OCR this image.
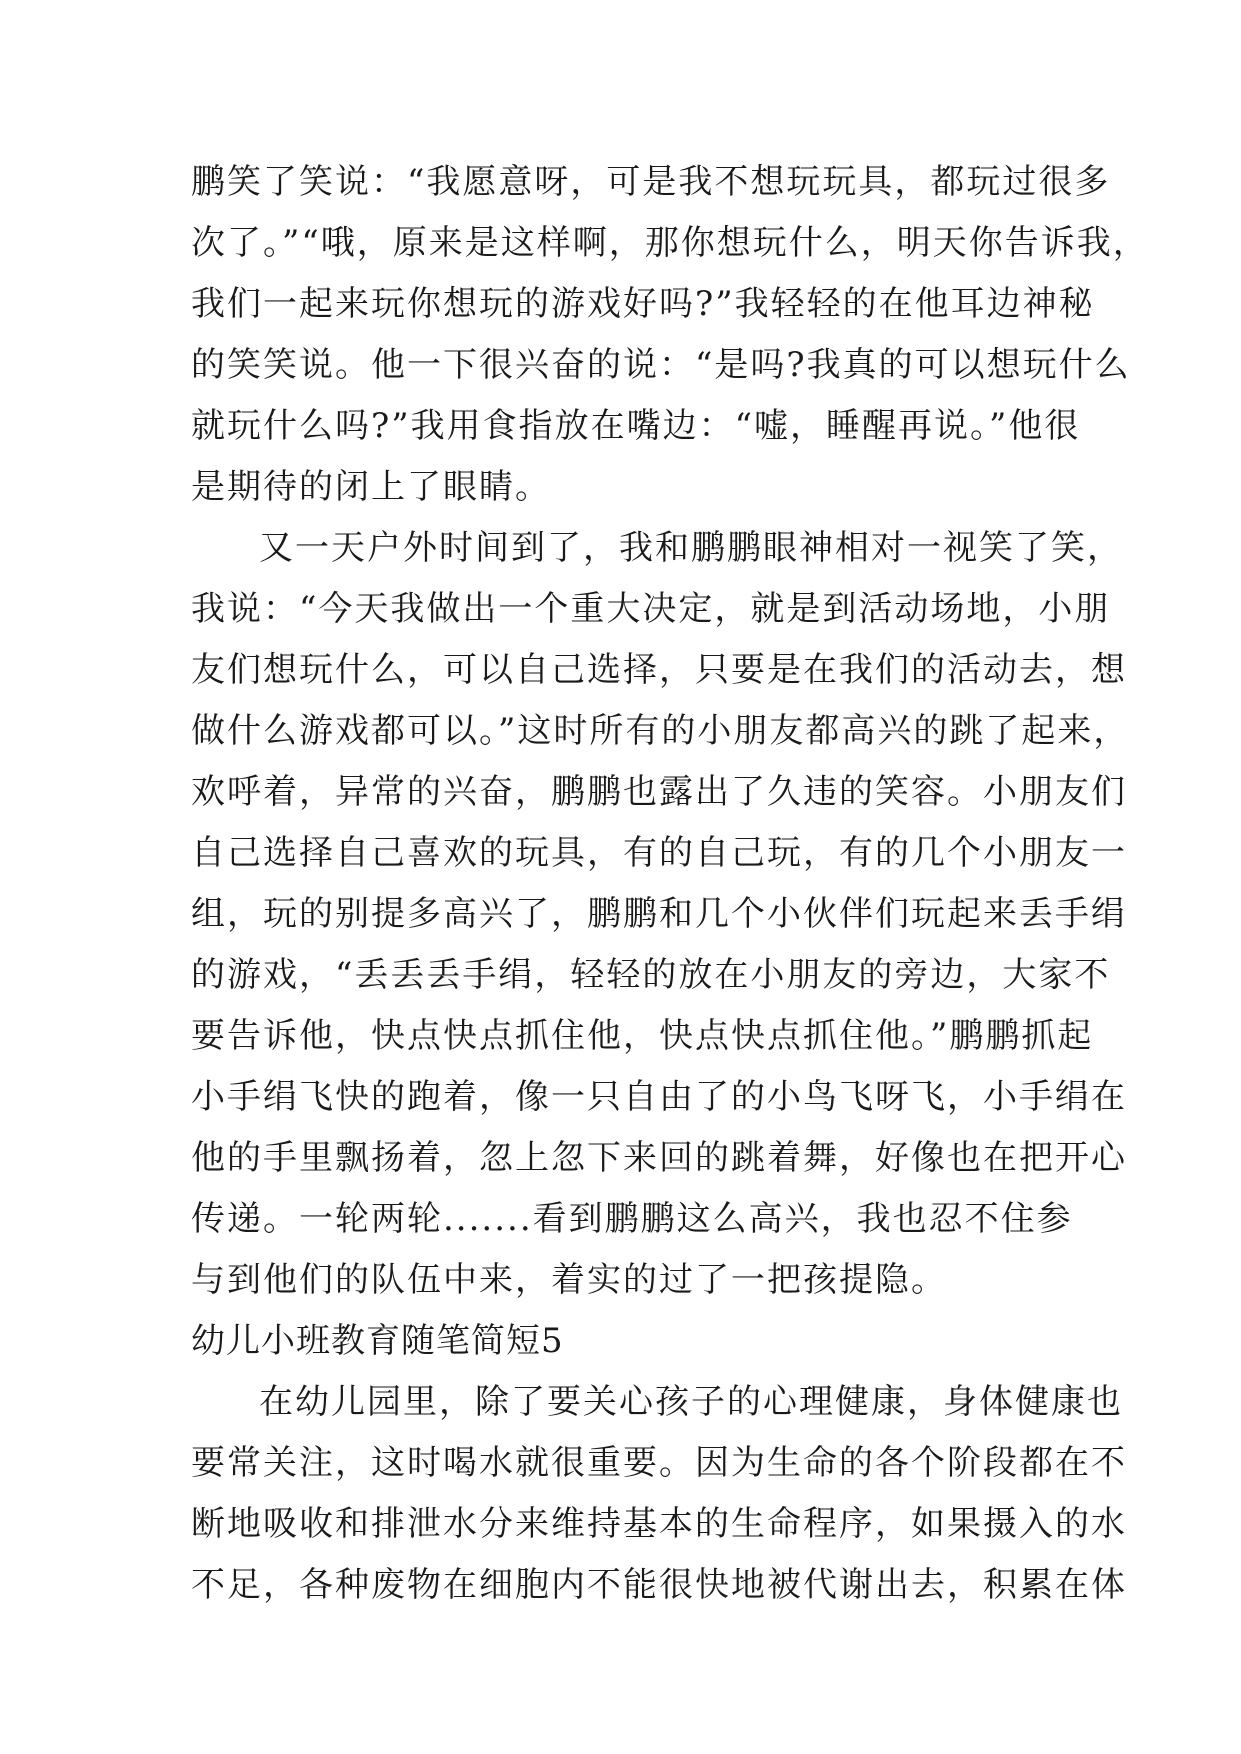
鹏笑了笑说：“我愿意呀，可是我不想玩玩具，都玩过很多
次了。”“哦，原来是这样啊，那你想玩什么，明天你告诉我，
我们一起来玩你想玩的游戏好吗?”我轻轻的在他耳边神秘
的笑笑说。他一下很兴奋的说：“是吗?我真的可以想玩什么
就玩什么吗?”我用食指放在嘴边：“嘘，睡醒再说。”他很
是期待的闭上了眼睛。
又一天户外时间到了，我和鹏鹏眼神相对一视笑了笑，
我说：“今天我做出一个重大决定，就是到活动场地，小朋
友们想玩什么，可以自己选择，只要是在我们的活动去，想
做什么游戏都可以。”这时所有的小朋友都高兴的跳了起来，
欢呼着，异常的兴奋，鹏鹏也露出了久违的笑容。小朋友们
自己选择自己喜欢的玩具，有的自己玩，有的几个小朋友一
组，玩的别提多高兴了，鹏鹏和几个小伙伴们玩起来丢手绢
的游戏，“丢丢丢手绢，轻轻的放在小朋友的旁边，大家不
要告诉他，快点快点抓住他，快点快点抓住他。”鹏鹏抓起
小手绢飞快的跑着，像一只自由了的小鸟飞呀飞，小手绢在
他的手里飘扬着，忽上忽下来回的跳着舞，好像也在把开心
传递。一轮两轮.......看到鹏鹏这么高兴，我也忍不住参
与到他们的队伍中来，着实的过了一把孩提隐。
幼儿小班教育随笔简短5
在幼儿园里，除了要关心孩子的心理健康，身体健康也
要常关注，这时喝水就很重要。因为生命的各个阶段都在不
断地吸收和排泄水分来维持基本的生命程序，如果摄入的水
不足，各种废物在细胞内不能很快地被代谢出去，积累在体
